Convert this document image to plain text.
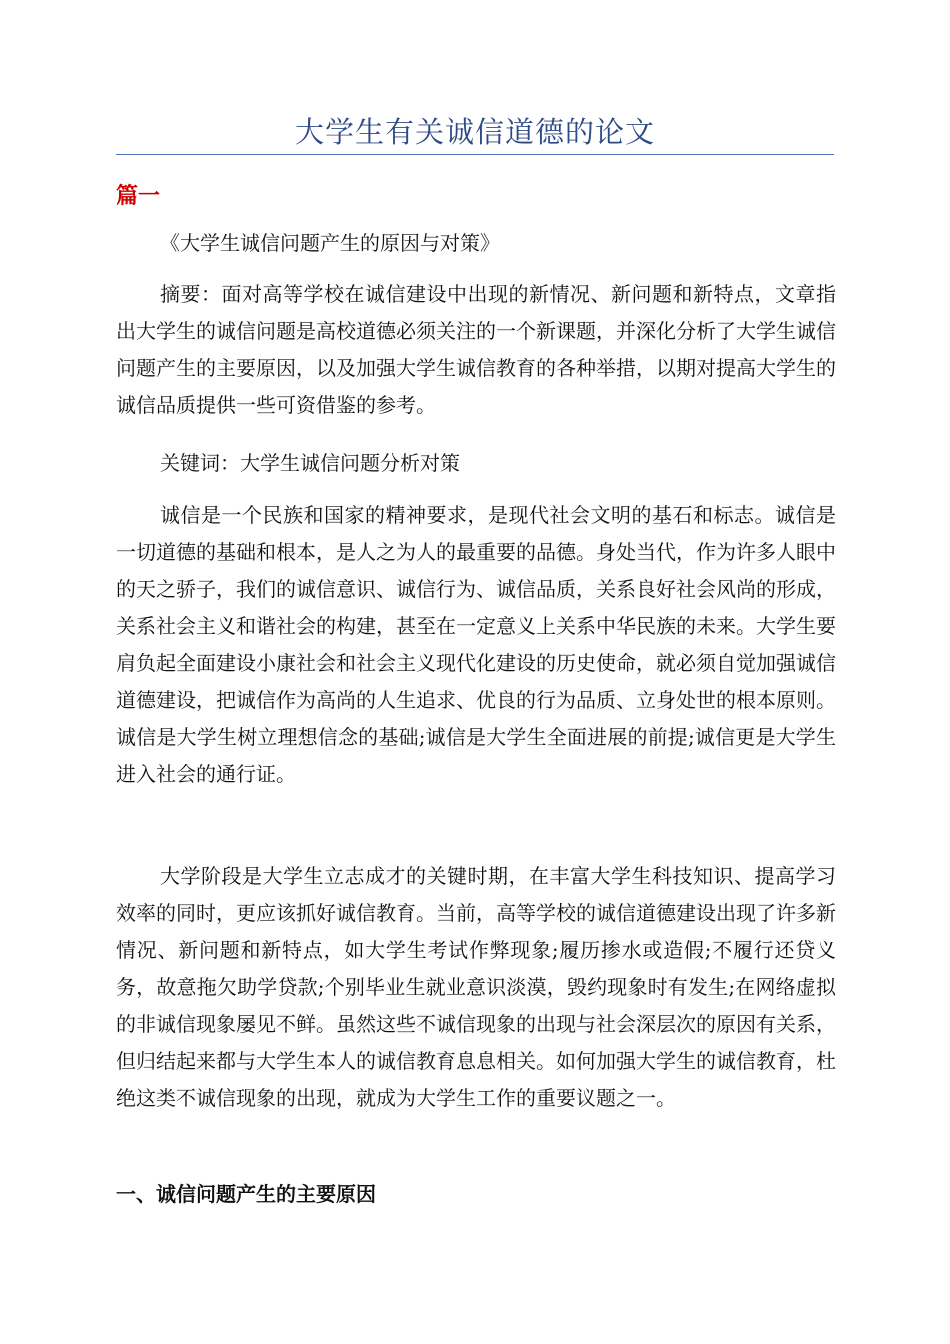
大学生有关诚信道德的论文
篇一

《大学生诚信问题产生的原因与对策》

摘要：面对高等学校在诚信建设中出现的新情况、新问题和新特点，文章指出大学生的诚信问题是高校道德必须关注的一个新课题，并深化分析了大学生诚信问题产生的主要原因，以及加强大学生诚信教育的各种举措，以期对提高大学生的诚信品质提供一些可资借鉴的参考。

关键词：大学生诚信问题分析对策

诚信是一个民族和国家的精神要求，是现代社会文明的基石和标志。诚信是一切道德的基础和根本，是人之为人的最重要的品德。身处当代，作为许多人眼中的天之骄子，我们的诚信意识、诚信行为、诚信品质，关系良好社会风尚的形成，关系社会主义和谐社会的构建，甚至在一定意义上关系中华民族的未来。大学生要肩负起全面建设小康社会和社会主义现代化建设的历史使命，就必须自觉加强诚信道德建设，把诚信作为高尚的人生追求、优良的行为品质、立身处世的根本原则。诚信是大学生树立理想信念的基础;诚信是大学生全面进展的前提;诚信更是大学生进入社会的通行证。

大学阶段是大学生立志成才的关键时期，在丰富大学生科技知识、提高学习效率的同时，更应该抓好诚信教育。当前，高等学校的诚信道德建设出现了许多新情况、新问题和新特点，如大学生考试作弊现象;履历掺水或造假;不履行还贷义务，故意拖欠助学贷款;个别毕业生就业意识淡漠，毁约现象时有发生;在网络虚拟的非诚信现象屡见不鲜。虽然这些不诚信现象的出现与社会深层次的原因有关系，但归结起来都与大学生本人的诚信教育息息相关。如何加强大学生的诚信教育，杜绝这类不诚信现象的出现，就成为大学生工作的重要议题之一。

一、诚信问题产生的主要原因
